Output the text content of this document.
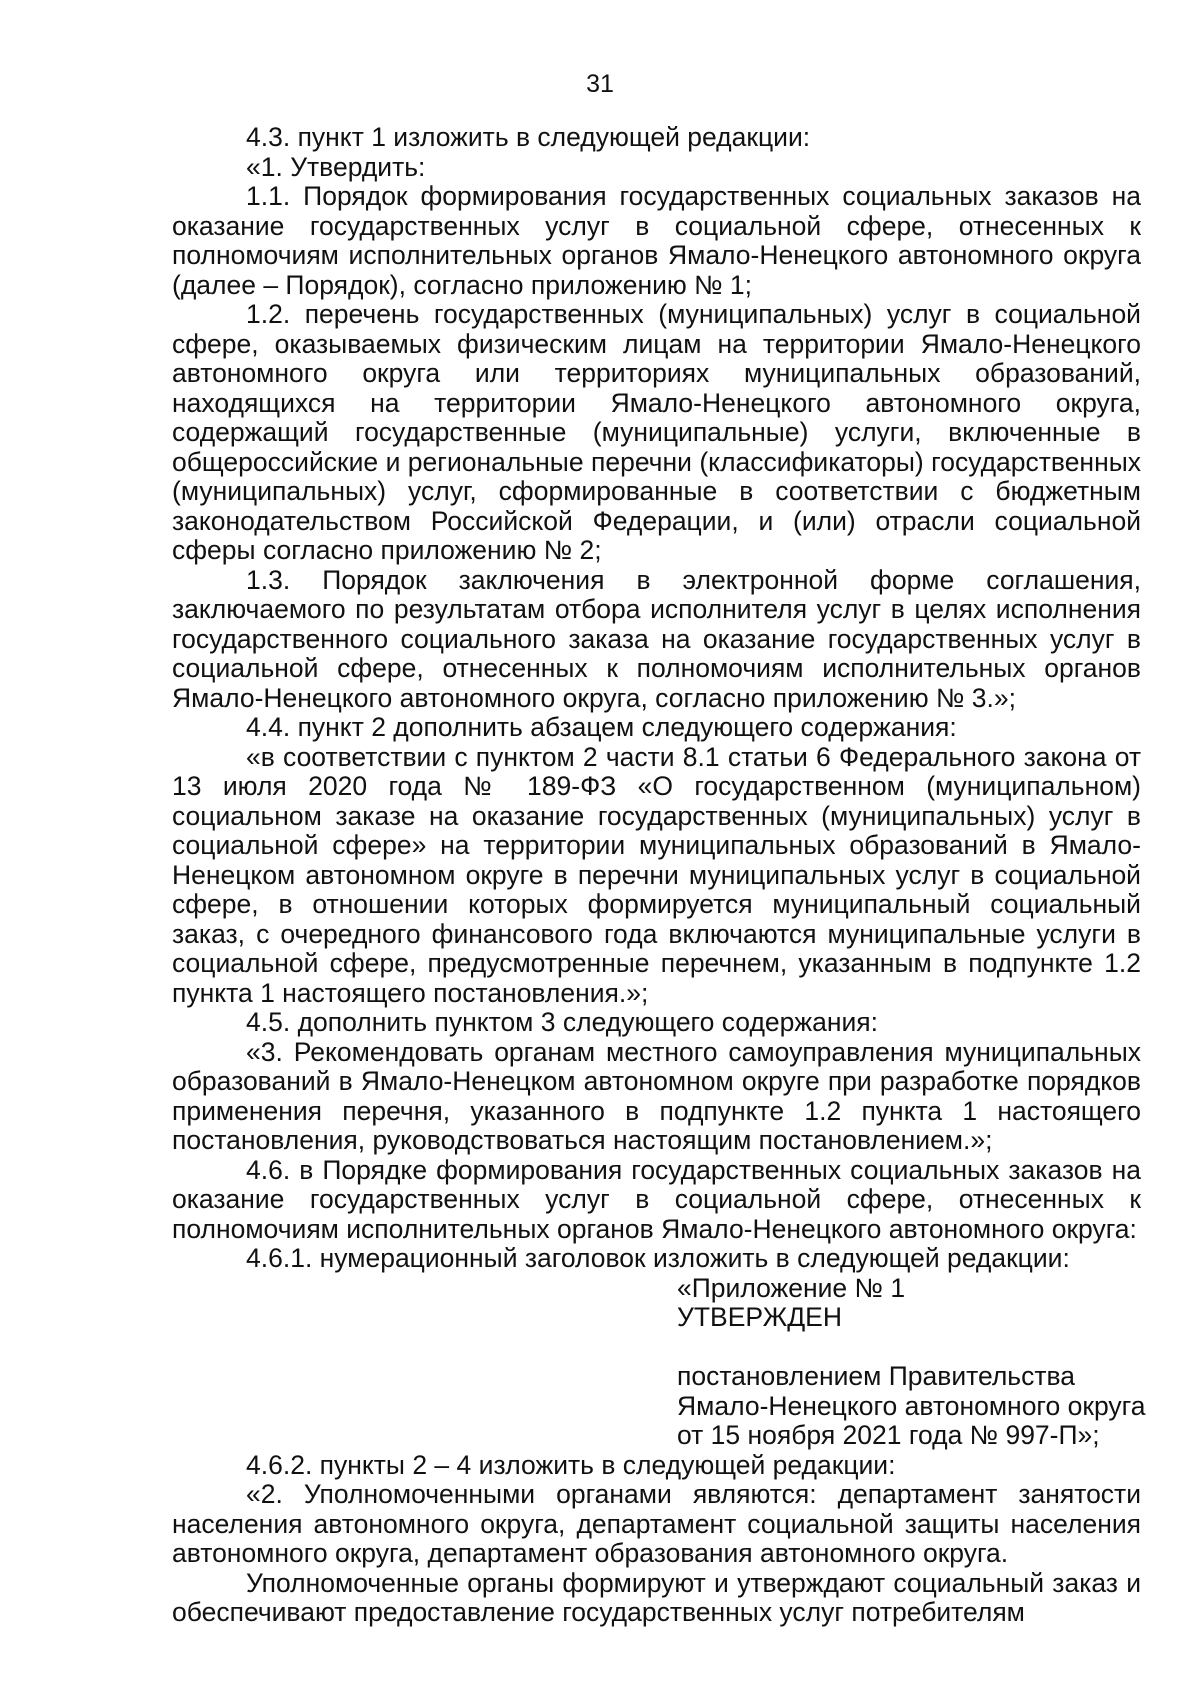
31

4.3. пункт 1 изложить в следующей редакции:

«1. Утвердить:

1.1. Порядок формирования государственных социальных заказов на оказание государственных услуг в социальной сфере, отнесенных к полномочиям исполнительных органов Ямало-Ненецкого автономного округа (далее – Порядок), согласно приложению № 1;

1.2. перечень государственных (муниципальных) услуг в социальной сфере, оказываемых физическим лицам на территории Ямало-Ненецкого автономного округа или территориях муниципальных образований, находящихся на территории Ямало-Ненецкого автономного округа, содержащий государственные (муниципальные) услуги, включенные в общероссийские и региональные перечни (классификаторы) государственных (муниципальных) услуг, сформированные в соответствии с бюджетным законодательством Российской Федерации, и (или) отрасли социальной сферы согласно приложению № 2;

1.3. Порядок заключения в электронной форме соглашения, заключаемого по результатам отбора исполнителя услуг в целях исполнения государственного социального заказа на оказание государственных услуг в социальной сфере, отнесенных к полномочиям исполнительных органов Ямало-Ненецкого автономного округа, согласно приложению № 3.»;

4.4. пункт 2 дополнить абзацем следующего содержания:

«в соответствии с пунктом 2 части 8.1 статьи 6 Федерального закона от 13 июля 2020 года № 189-ФЗ «О государственном (муниципальном) социальном заказе на оказание государственных (муниципальных) услуг в социальной сфере» на территории муниципальных образований в Ямало-Ненецком автономном округе в перечни муниципальных услуг в социальной сфере, в отношении которых формируется муниципальный социальный заказ, с очередного финансового года включаются муниципальные услуги в социальной сфере, предусмотренные перечнем, указанным в подпункте 1.2 пункта 1 настоящего постановления.»;

4.5. дополнить пунктом 3 следующего содержания:

«3. Рекомендовать органам местного самоуправления муниципальных образований в Ямало-Ненецком автономном округе при разработке порядков применения перечня, указанного в подпункте 1.2 пункта 1 настоящего постановления, руководствоваться настоящим постановлением.»;

4.6. в Порядке формирования государственных социальных заказов на оказание государственных услуг в социальной сфере, отнесенных к полномочиям исполнительных органов Ямало-Ненецкого автономного округа:

4.6.1. нумерационный заголовок изложить в следующей редакции:

«Приложение № 1
УТВЕРЖДЕН
постановлением Правительства
Ямало-Ненецкого автономного округа
от 15 ноября 2021 года № 997-П»;

4.6.2. пункты 2 – 4 изложить в следующей редакции:

«2. Уполномоченными органами являются: департамент занятости населения автономного округа, департамент социальной защиты населения автономного округа, департамент образования автономного округа.

Уполномоченные органы формируют и утверждают социальный заказ и обеспечивают предоставление государственных услуг потребителям
